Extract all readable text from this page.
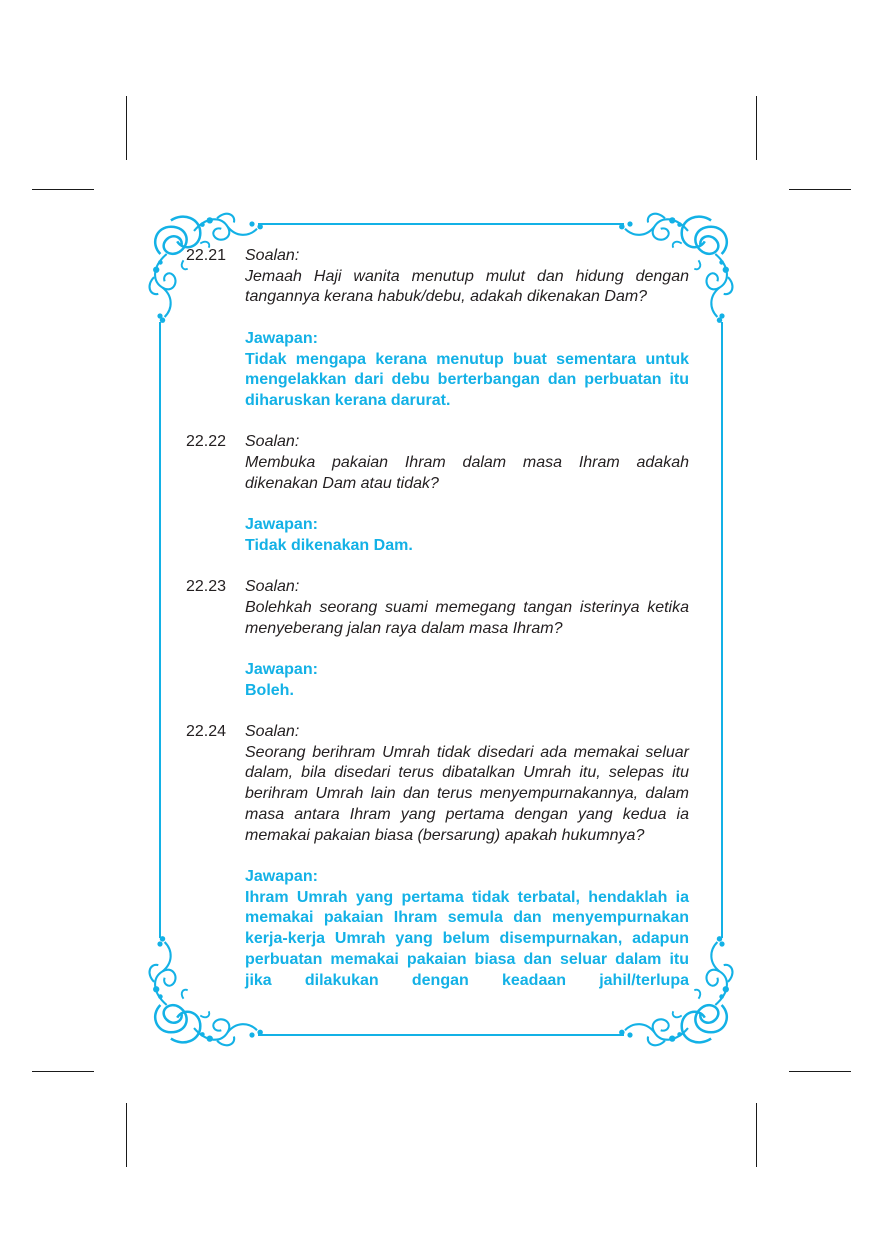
22.21	Soalan:
Jemaah Haji wanita menutup mulut dan hidung dengan tangannya kerana habuk/debu, adakah dikenakan Dam?
Jawapan:
Tidak mengapa kerana menutup buat sementara untuk mengelakkan dari debu berterbangan dan perbuatan itu diharuskan kerana darurat.
22.22	Soalan:
Membuka pakaian Ihram dalam masa Ihram adakah dikenakan Dam atau tidak?
Jawapan:
Tidak dikenakan Dam.
22.23	Soalan:
Bolehkah seorang suami memegang tangan isterinya ketika menyeberang jalan raya dalam masa Ihram?
Jawapan:
Boleh.
22.24	Soalan:
Seorang berihram Umrah tidak disedari ada memakai seluar dalam, bila disedari terus dibatalkan Umrah itu, selepas itu berihram Umrah lain dan terus menyempurnakannya, dalam masa antara Ihram yang pertama dengan yang kedua ia memakai pakaian biasa (bersarung) apakah hukumnya?
Jawapan:
Ihram Umrah yang pertama tidak terbatal, hendaklah ia memakai pakaian Ihram semula dan menyempurnakan kerja-kerja Umrah yang belum disempurnakan, adapun perbuatan memakai pakaian biasa dan seluar dalam itu jika dilakukan dengan keadaan jahil/terlupa
